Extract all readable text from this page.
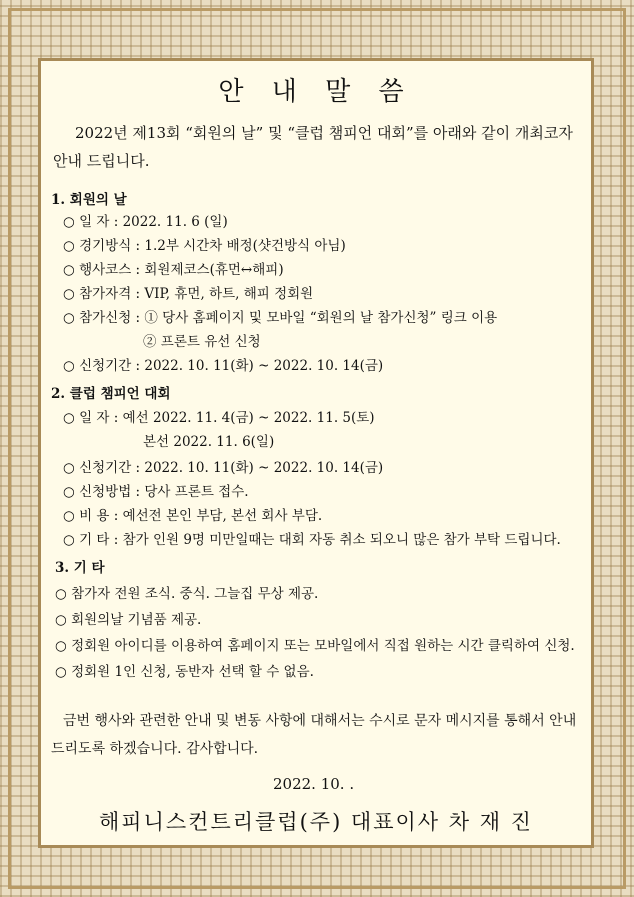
안 내 말 씀
2022년 제13회 “회원의 날” 및 “클럽 챔피언 대회”를 아래와 같이 개최코자
안내 드립니다.
1. 회원의 날
○ 일 자 : 2022. 11. 6 (일)
○ 경기방식 : 1.2부 시간차 배정(샷건방식 아님)
○ 행사코스 : 회원제코스(휴먼↔해피)
○ 참가자격 : VIP, 휴먼, 하트, 해피 정회원
○ 참가신청 : ① 당사 홈페이지 및 모바일 “회원의 날 참가신청” 링크 이용
② 프론트 유선 신청
○ 신청기간 : 2022. 10. 11(화) ~ 2022. 10. 14(금)
2. 클럽 챔피언 대회
○ 일 자 : 예선 2022. 11. 4(금) ~ 2022. 11. 5(토)
본선 2022. 11. 6(일)
○ 신청기간 : 2022. 10. 11(화) ~ 2022. 10. 14(금)
○ 신청방법 : 당사 프론트 접수.
○ 비 용 : 예선전 본인 부담, 본선 회사 부담.
○ 기 타 : 참가 인원 9명 미만일때는 대회 자동 취소 되오니 많은 참가 부탁 드립니다.
3. 기 타
○ 참가자 전원 조식. 중식. 그늘집 무상 제공.
○ 회원의날 기념품 제공.
○ 정회원 아이디를 이용하여 홈페이지 또는 모바일에서 직접 원하는 시간 클릭하여 신청.
○ 정회원 1인 신청, 동반자 선택 할 수 없음.
금번 행사와 관련한 안내 및 변동 사항에 대해서는 수시로 문자 메시지를 통해서 안내
드리도록 하겠습니다. 감사합니다.
2022. 10. .
해피니스컨트리클럽(주) 대표이사 차 재 진
